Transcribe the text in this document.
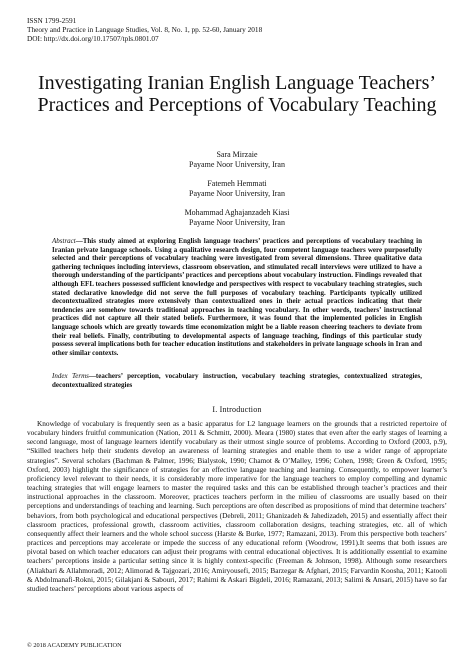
ISSN 1799-2591
Theory and Practice in Language Studies, Vol. 8, No. 1, pp. 52-60, January 2018
DOI: http://dx.doi.org/10.17507/tpls.0801.07
Investigating Iranian English Language Teachers’ Practices and Perceptions of Vocabulary Teaching
Sara Mirzaie
Payame Noor University, Iran
Fatemeh Hemmati
Payame Noor University, Iran
Mohammad Aghajanzadeh Kiasi
Payame Noor University, Iran
Abstract—This study aimed at exploring English language teachers’ practices and perceptions of vocabulary teaching in Iranian private language schools. Using a qualitative research design, four competent language teachers were purposefully selected and their perceptions of vocabulary teaching were investigated from several dimensions. Three qualitative data gathering techniques including interviews, classroom observation, and stimulated recall interviews were utilized to have a thorough understanding of the participants’ practices and perceptions about vocabulary instruction. Findings revealed that although EFL teachers possessed sufficient knowledge and perspectives with respect to vocabulary teaching strategies, such stated declarative knowledge did not serve the full purposes of vocabulary teaching. Participants typically utilized decontextualized strategies more extensively than contextualized ones in their actual practices indicating that their tendencies are somehow towards traditional approaches in teaching vocabulary. In other words, teachers’ instructional practices did not capture all their stated beliefs. Furthermore, it was found that the implemented policies in English language schools which are greatly towards time economization might be a liable reason cheering teachers to deviate from their real beliefs. Finally, contributing to developmental aspects of language teaching, findings of this particular study possess several implications both for teacher education institutions and stakeholders in private language schools in Iran and other similar contexts.
Index Terms—teachers’ perception, vocabulary instruction, vocabulary teaching strategies, contextualized strategies, decontextualized strategies
I. Introduction
Knowledge of vocabulary is frequently seen as a basic apparatus for L2 language learners on the grounds that a restricted repertoire of vocabulary hinders fruitful communication (Nation, 2011 & Schmitt, 2000). Meara (1980) states that even after the early stages of learning a second language, most of language learners identify vocabulary as their utmost single source of problems. According to Oxford (2003, p.9), “Skilled teachers help their students develop an awareness of learning strategies and enable them to use a wider range of appropriate strategies”. Several scholars (Bachman & Palmer, 1996; Bialystok, 1990; Chamot & O’Malley, 1996; Cohen, 1998; Green & Oxford, 1995; Oxford, 2003) highlight the significance of strategies for an effective language teaching and learning. Consequently, to empower learner’s proficiency level relevant to their needs, it is considerably more imperative for the language teachers to employ compelling and dynamic teaching strategies that will engage learners to master the required tasks and this can be established through teacher’s practices and their instructional approaches in the classroom. Moreover, practices teachers perform in the milieu of classrooms are usually based on their perceptions and understandings of teaching and learning. Such perceptions are often described as propositions of mind that determine teachers’ behaviors, from both psychological and educational perspectives (Debreli, 2011; Ghanizadeh & Jahedizadeh, 2015) and essentially affect their classroom practices, professional growth, classroom activities, classroom collaboration designs, teaching strategies, etc. all of which consequently affect their learners and the whole school success (Harste & Burke, 1977; Ramazani, 2013). From this perspective both teachers’ practices and perceptions may accelerate or impede the success of any educational reform (Woodrow, 1991).It seems that both issues are pivotal based on which teacher educators can adjust their programs with central educational objectives. It is additionally essential to examine teachers’ perceptions inside a particular setting since it is highly context-specific (Freeman & Johnson, 1998). Although some researchers (Aliakbari & Allahmoradi, 2012; Alimorad & Tajgozari, 2016; Amiryousefi, 2015; Barzegar & Afghari, 2015; Farvardin Koosha, 2011; Katooli & Abdolmanafi-Rokni, 2015; Gilakjani & Sabouri, 2017; Rahimi & Askari Bigdeli, 2016; Ramazani, 2013; Salimi & Ansari, 2015) have so far studied teachers’ perceptions about various aspects of
© 2018 ACADEMY PUBLICATION
